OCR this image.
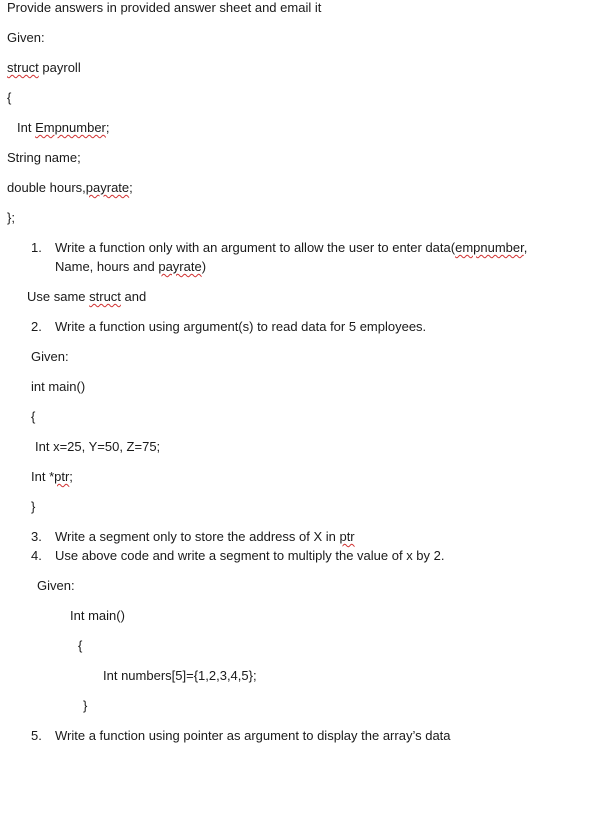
Provide answers in provided answer sheet and email it
Given:
struct payroll
{
Int Empnumber;
String name;
double hours,payrate;
};
1.	Write a function only with an argument to allow the user to enter data(empnumber,
Name, hours and payrate)
Use same struct and
2.	Write a function using argument(s) to read data for 5 employees.
Given:
int main()
{
Int x=25, Y=50, Z=75;
Int *ptr;
}
3.	Write a segment only to store the address of X in ptr
4.	Use above code and write a segment to multiply the value of x by 2.
Given:
Int main()
{
Int numbers[5]={1,2,3,4,5};
}
5.	Write a function using pointer as argument to display the array’s data
